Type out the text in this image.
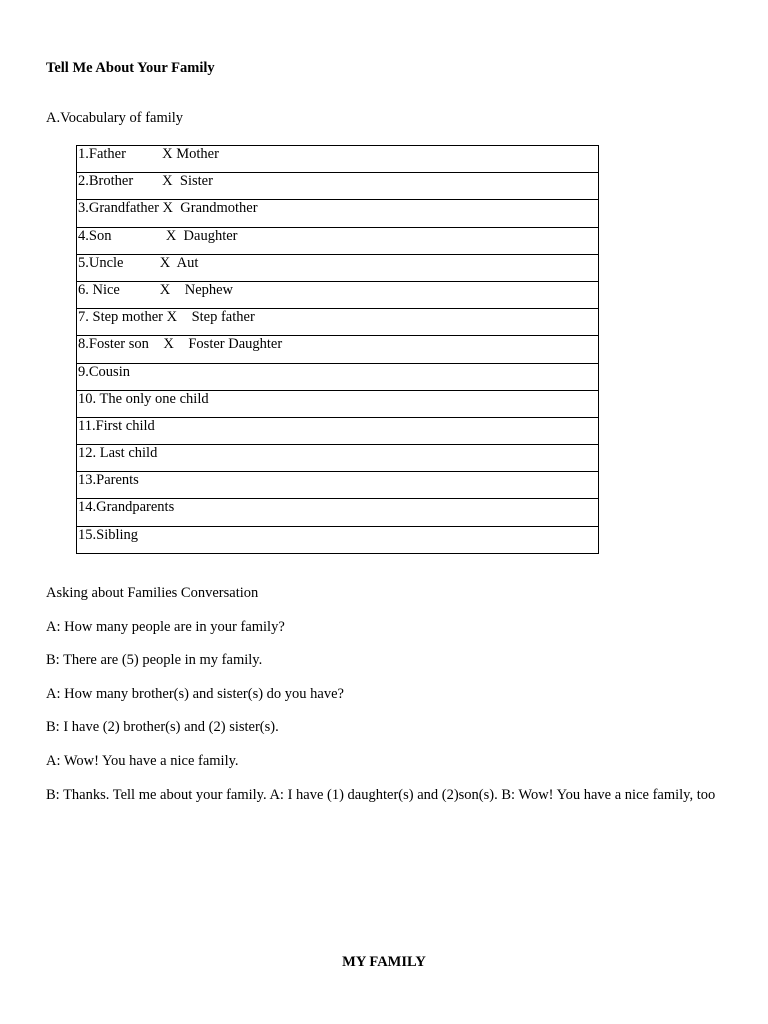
Tell Me About Your Family
A.Vocabulary of family
1.Father          X Mother

2.Brother        X  Sister

3.Grandfather X  Grandmother

4.Son               X  Daughter

5.Uncle          X  Aut

6. Nice           X    Nephew

7. Step mother X    Step father

8.Foster son    X    Foster Daughter

9.Cousin

10. The only one child

11.First child

12. Last child

13.Parents

14.Grandparents

15.Sibling
Asking about Families Conversation
A: How many people are in your family?
B: There are (5) people in my family.
A: How many brother(s) and sister(s) do you have?
B: I have (2) brother(s) and (2) sister(s).
A: Wow! You have a nice family.
B: Thanks. Tell me about your family. A: I have (1) daughter(s) and (2)son(s). B: Wow! You have a nice family, too
MY FAMILY
